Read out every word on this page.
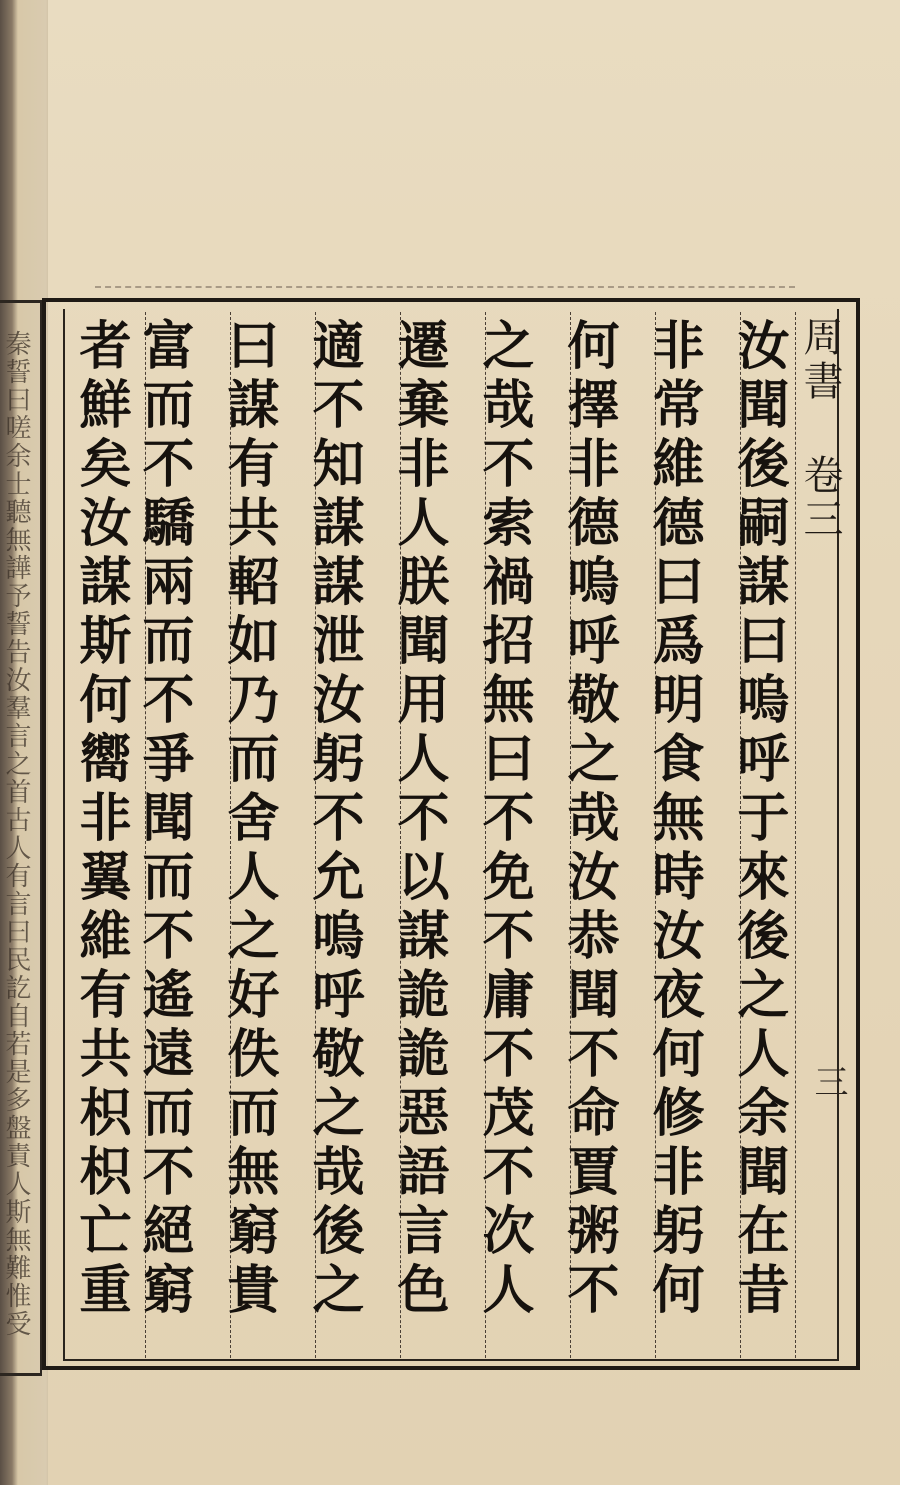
秦誓曰嗟余士聽無譁予誓告汝羣言之首古人有言曰民訖自若是多盤責人斯無難惟受
周書 卷三
三
汝聞後嗣謀曰嗚呼于來後之人余聞在昔
非常維德曰爲明食無時汝夜何修非躬何
何擇非德嗚呼敬之哉汝恭聞不命賈粥不
之哉不索禍招無曰不免不庸不茂不次人
遷棄非人朕聞用人不以謀詭詭惡語言色
適不知謀謀泄汝躬不允嗚呼敬之哉後之
曰謀有共軺如乃而舍人之好佚而無窮貴
富而不驕兩而不爭聞而不遙遠而不絕窮
者鮮矣汝謀斯何嚮非翼維有共枳枳亡重
